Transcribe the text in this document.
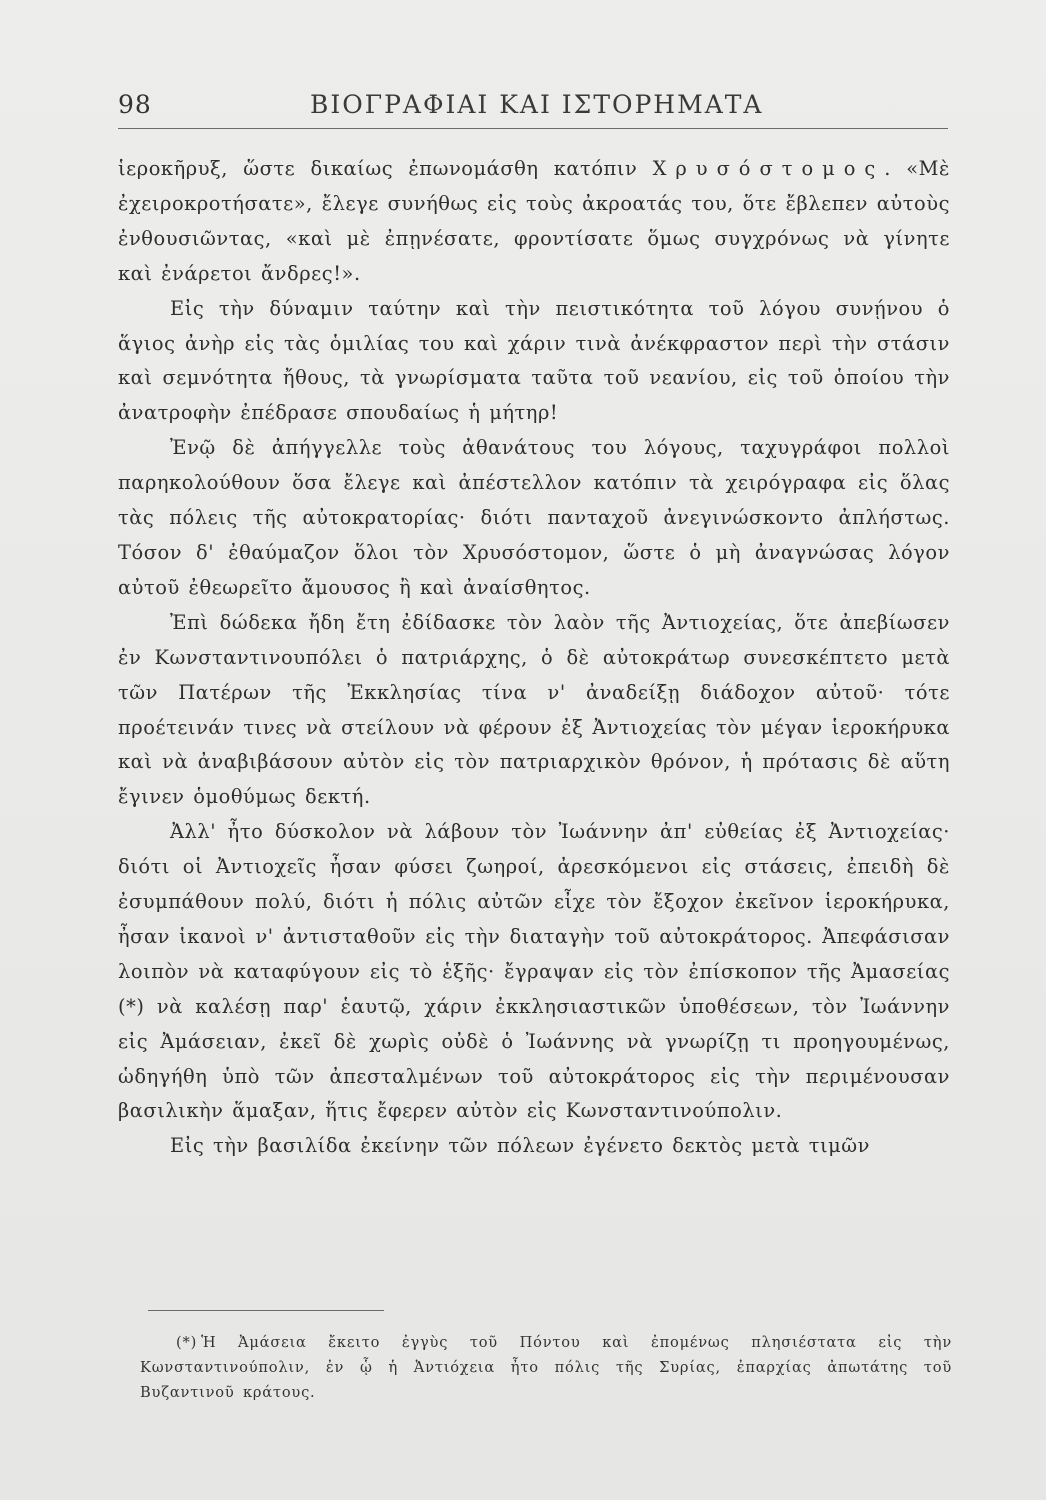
98	ΒΙΟΓΡΑΦΙΑΙ ΚΑΙ ΙΣΤΟΡΗΜΑΤΑ

ἱεροκῆρυξ, ὥστε δικαίως ἐπωνομάσθη κατόπιν Χρυσόστομος. «Μὲ ἐχειροκροτήσατε», ἔλεγε συνήθως εἰς τοὺς ἀκροατάς του, ὅτε ἔβλεπεν αὐτοὺς ἐνθουσιῶντας, «καὶ μὲ ἐπῃνέσατε, φροντίσατε ὅμως συγχρόνως νὰ γίνητε καὶ ἐνάρετοι ἄνδρες!».

Εἰς τὴν δύναμιν ταύτην καὶ τὴν πειστικότητα τοῦ λόγου συνῄνου ὁ ἅγιος ἀνὴρ εἰς τὰς ὁμιλίας του καὶ χάριν τινὰ ἀνέκφραστον περὶ τὴν στάσιν καὶ σεμνότητα ἤθους, τὰ γνωρίσματα ταῦτα τοῦ νεανίου, εἰς τοῦ ὁποίου τὴν ἀνατροφὴν ἐπέδρασε σπουδαίως ἡ μήτηρ!

Ἐνῷ δὲ ἀπήγγελλε τοὺς ἀθανάτους του λόγους, ταχυγράφοι πολλοὶ παρηκολούθουν ὅσα ἔλεγε καὶ ἀπέστελλον κατόπιν τὰ χειρόγραφα εἰς ὅλας τὰς πόλεις τῆς αὐτοκρατορίας· διότι πανταχοῦ ἀνεγινώσκοντο ἀπλήστως. Τόσον δ' ἐθαύμαζον ὅλοι τὸν Χρυσόστομον, ὥστε ὁ μὴ ἀναγνώσας λόγον αὐτοῦ ἐθεωρεῖτο ἄμουσος ἢ καὶ ἀναίσθητος.

Ἐπὶ δώδεκα ἤδη ἔτη ἐδίδασκε τὸν λαὸν τῆς Ἀντιοχείας, ὅτε ἀπεβίωσεν ἐν Κωνσταντινουπόλει ὁ πατριάρχης, ὁ δὲ αὐτοκράτωρ συνεσκέπτετο μετὰ τῶν Πατέρων τῆς Ἐκκλησίας τίνα ν' ἀναδείξῃ διάδοχον αὐτοῦ· τότε προέτεινάν τινες νὰ στείλουν νὰ φέρουν ἐξ Ἀντιοχείας τὸν μέγαν ἱεροκήρυκα καὶ νὰ ἀναβιβάσουν αὐτὸν εἰς τὸν πατριαρχικὸν θρόνον, ἡ πρότασις δὲ αὕτη ἔγινεν ὁμοθύμως δεκτή.

Ἀλλ' ἦτο δύσκολον νὰ λάβουν τὸν Ἰωάννην ἀπ' εὐθείας ἐξ Ἀντιοχείας· διότι οἱ Ἀντιοχεῖς ἦσαν φύσει ζωηροί, ἀρεσκόμενοι εἰς στάσεις, ἐπειδὴ δὲ ἐσυμπάθουν πολύ, διότι ἡ πόλις αὐτῶν εἶχε τὸν ἔξοχον ἐκεῖνον ἱεροκήρυκα, ἦσαν ἱκανοὶ ν' ἀντισταθοῦν εἰς τὴν διαταγὴν τοῦ αὐτοκράτορος. Ἀπεφάσισαν λοιπὸν νὰ καταφύγουν εἰς τὸ ἑξῆς· ἔγραψαν εἰς τὸν ἐπίσκοπον τῆς Ἀμασείας (*) νὰ καλέσῃ παρ' ἑαυτῷ, χάριν ἐκκλησιαστικῶν ὑποθέσεων, τὸν Ἰωάννην εἰς Ἀμάσειαν, ἐκεῖ δὲ χωρὶς οὐδὲ ὁ Ἰωάννης νὰ γνωρίζῃ τι προηγουμένως, ὡδηγήθη ὑπὸ τῶν ἀπεσταλμένων τοῦ αὐτοκράτορος εἰς τὴν περιμένουσαν βασιλικὴν ἅμαξαν, ἥτις ἔφερεν αὐτὸν εἰς Κωνσταντινούπολιν.

Εἰς τὴν βασιλίδα ἐκείνην τῶν πόλεων ἐγένετο δεκτὸς μετὰ τιμῶν

(*) Ἡ Ἀμάσεια ἔκειτο ἐγγὺς τοῦ Πόντου καὶ ἐπομένως πλησιέστατα εἰς τὴν Κωνσταντινούπολιν, ἐν ᾧ ἡ Ἀντιόχεια ἦτο πόλις τῆς Συρίας, ἐπαρχίας ἀπωτάτης τοῦ Βυζαντινοῦ κράτους.
